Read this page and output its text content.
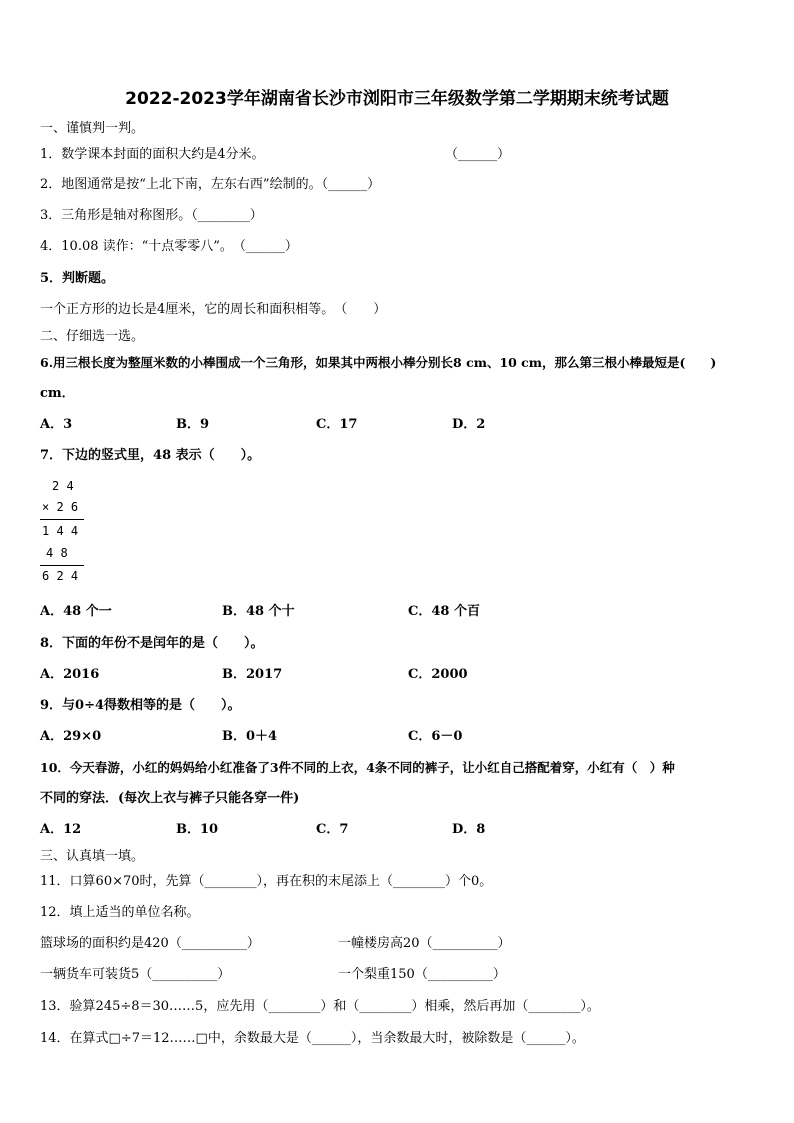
2022-2023学年湖南省长沙市浏阳市三年级数学第二学期期末统考试题
一、谨慎判一判。
1．数学课本封面的面积大约是4分米。	（______）
2．地图通常是按“上北下南，左东右西”绘制的。（______）
3．三角形是轴对称图形。（________）
4．10.08 读作：“十点零零八”。　（______）
5．判断题。
一个正方形的边长是4厘米，它的周长和面积相等。　（　　）
二、仔细选一选。
6.用三根长度为整厘米数的小棒围成一个三角形，如果其中两根小棒分别长8 cm、10 cm，那么第三根小棒最短是(　　)
cm．
A．3	B．9	C．17	D．2
7．下边的竖式里，48 表示（　　）。
2 4
× 2 6
1 4 4
4 8
6 2 4
A．48 个一	B．48 个十	C．48 个百
8．下面的年份不是闰年的是（　　）。
A．2016	B．2017	C．2000
9．与0÷4得数相等的是（　　）。
A．29×0	B．0＋4	C．6－0
10．今天春游，小红的妈妈给小红准备了3件不同的上衣，4条不同的裤子，让小红自己搭配着穿，小红有（　）种
不同的穿法．(每次上衣与裤子只能各穿一件)
A．12	B．10	C．7	D．8
三、认真填一填。
11．口算60×70时，先算（________），再在积的末尾添上（________）个0。
12．填上适当的单位名称。
篮球场的面积约是420（__________）	一幢楼房高20（__________）
一辆货车可装货5（__________）	一个梨重150（__________）
13．验算245÷8＝30……5，应先用（________）和（________）相乘，然后再加（________）。
14．在算式□÷7＝12……□中，余数最大是（______），当余数最大时，被除数是（______）。
